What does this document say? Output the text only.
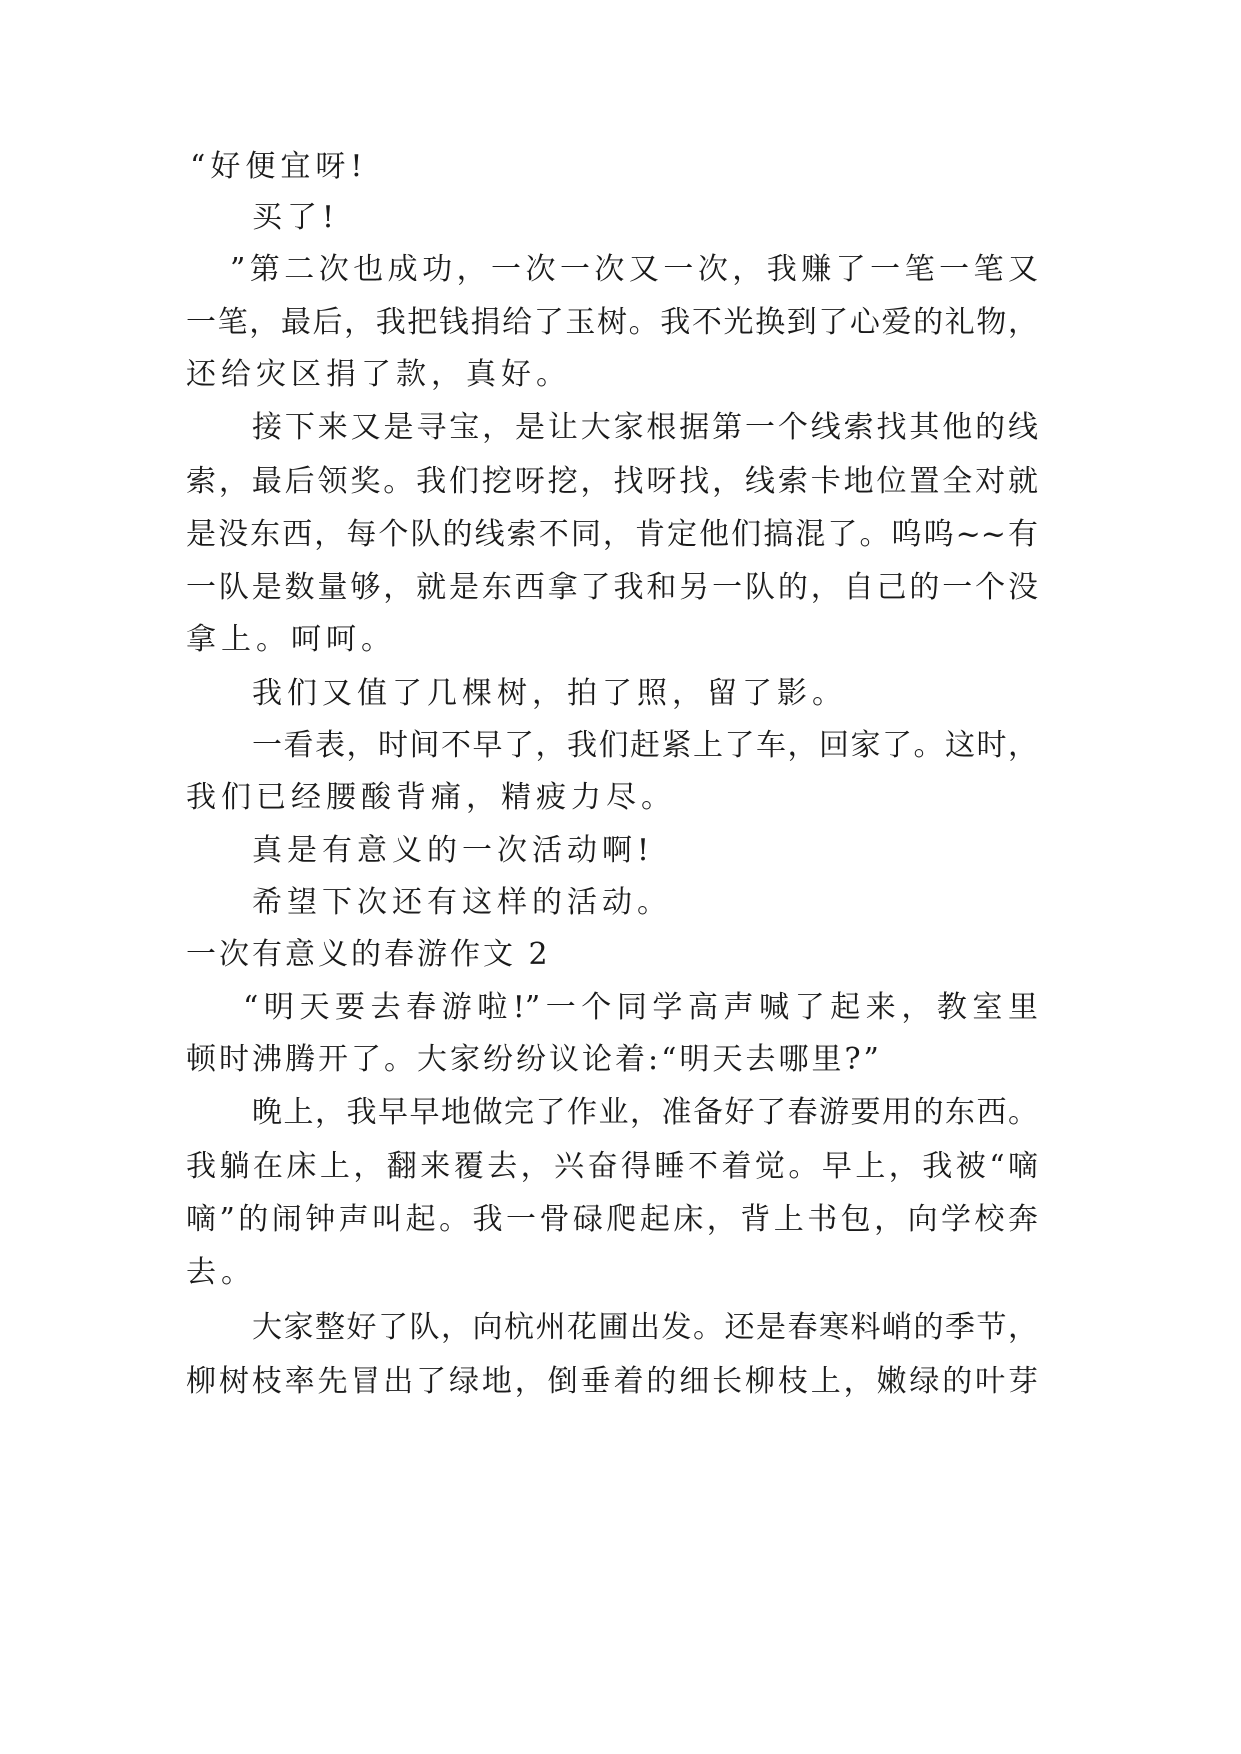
“好便宜呀!
买了!
”第二次也成功，一次一次又一次，我赚了一笔一笔又
一笔，最后，我把钱捐给了玉树。我不光换到了心爱的礼物，
还给灾区捐了款，真好。
接下来又是寻宝，是让大家根据第一个线索找其他的线
索，最后领奖。我们挖呀挖，找呀找，线索卡地位置全对就
是没东西，每个队的线索不同，肯定他们搞混了。呜呜~~有
一队是数量够，就是东西拿了我和另一队的，自己的一个没
拿上。呵呵。
我们又值了几棵树，拍了照，留了影。
一看表，时间不早了，我们赶紧上了车，回家了。这时，
我们已经腰酸背痛，精疲力尽。
真是有意义的一次活动啊!
希望下次还有这样的活动。
一次有意义的春游作文 2
“明天要去春游啦!”一个同学高声喊了起来，教室里
顿时沸腾开了。大家纷纷议论着:“明天去哪里?”
晚上，我早早地做完了作业，准备好了春游要用的东西。
我躺在床上，翻来覆去，兴奋得睡不着觉。早上，我被“嘀
嘀”的闹钟声叫起。我一骨碌爬起床，背上书包，向学校奔
去。
大家整好了队，向杭州花圃出发。还是春寒料峭的季节，
柳树枝率先冒出了绿地，倒垂着的细长柳枝上，嫩绿的叶芽
